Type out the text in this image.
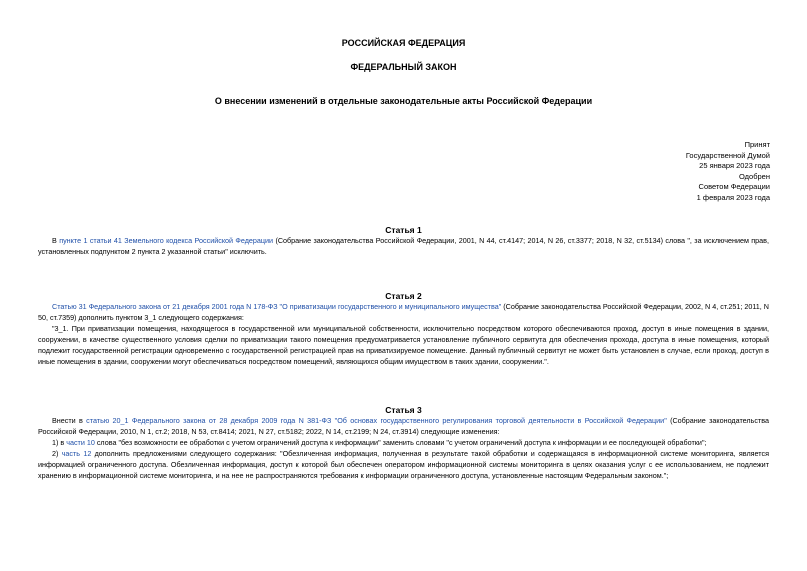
РОССИЙСКАЯ ФЕДЕРАЦИЯ
ФЕДЕРАЛЬНЫЙ ЗАКОН
О внесении изменений в отдельные законодательные акты Российской Федерации
Принят
Государственной Думой
25 января 2023 года
Одобрен
Советом Федерации
1 февраля 2023 года
Статья 1

В пункте 1 статьи 41 Земельного кодекса Российской Федерации (Собрание законодательства Российской Федерации, 2001, N 44, ст.4147; 2014, N 26, ст.3377; 2018, N 32, ст.5134) слова ", за исключением прав, установленных подпунктом 2 пункта 2 указанной статьи" исключить.

Статья 2

Статью 31 Федерального закона от 21 декабря 2001 года N 178-ФЗ "О приватизации государственного и муниципального имущества" (Собрание законодательства Российской Федерации, 2002, N 4, ст.251; 2011, N 50, ст.7359) дополнить пунктом 3_1 следующего содержания:

"3_1. При приватизации помещения, находящегося в государственной или муниципальной собственности, исключительно посредством которого обеспечиваются проход, доступ в иные помещения в здании, сооружении, в качестве существенного условия сделки по приватизации такого помещения предусматривается установление публичного сервитута для обеспечения прохода, доступа в иные помещения, который подлежит государственной регистрации одновременно с государственной регистрацией прав на приватизируемое помещение. Данный публичный сервитут не может быть установлен в случае, если проход, доступ в иные помещения в здании, сооружении могут обеспечиваться посредством помещений, являющихся общим имуществом в таких здании, сооружении.".

Статья 3

Внести в статью 20_1 Федерального закона от 28 декабря 2009 года N 381-ФЗ "Об основах государственного регулирования торговой деятельности в Российской Федерации" (Собрание законодательства Российской Федерации, 2010, N 1, ст.2; 2018, N 53, ст.8414; 2021, N 27, ст.5182; 2022, N 14, ст.2199; N 24, ст.3914) следующие изменения:

1) в части 10 слова "без возможности ее обработки с учетом ограничений доступа к информации" заменить словами "с учетом ограничений доступа к информации и ее последующей обработки";

2) часть 12 дополнить предложениями следующего содержания: "Обезличенная информация, полученная в результате такой обработки и содержащаяся в информационной системе мониторинга, является информацией ограниченного доступа. Обезличенная информация, доступ к которой был обеспечен оператором информационной системы мониторинга в целях оказания услуг с ее использованием, не подлежит хранению в информационной системе мониторинга, и на нее не распространяются требования к информации ограниченного доступа, установленные настоящим Федеральным законом.";
